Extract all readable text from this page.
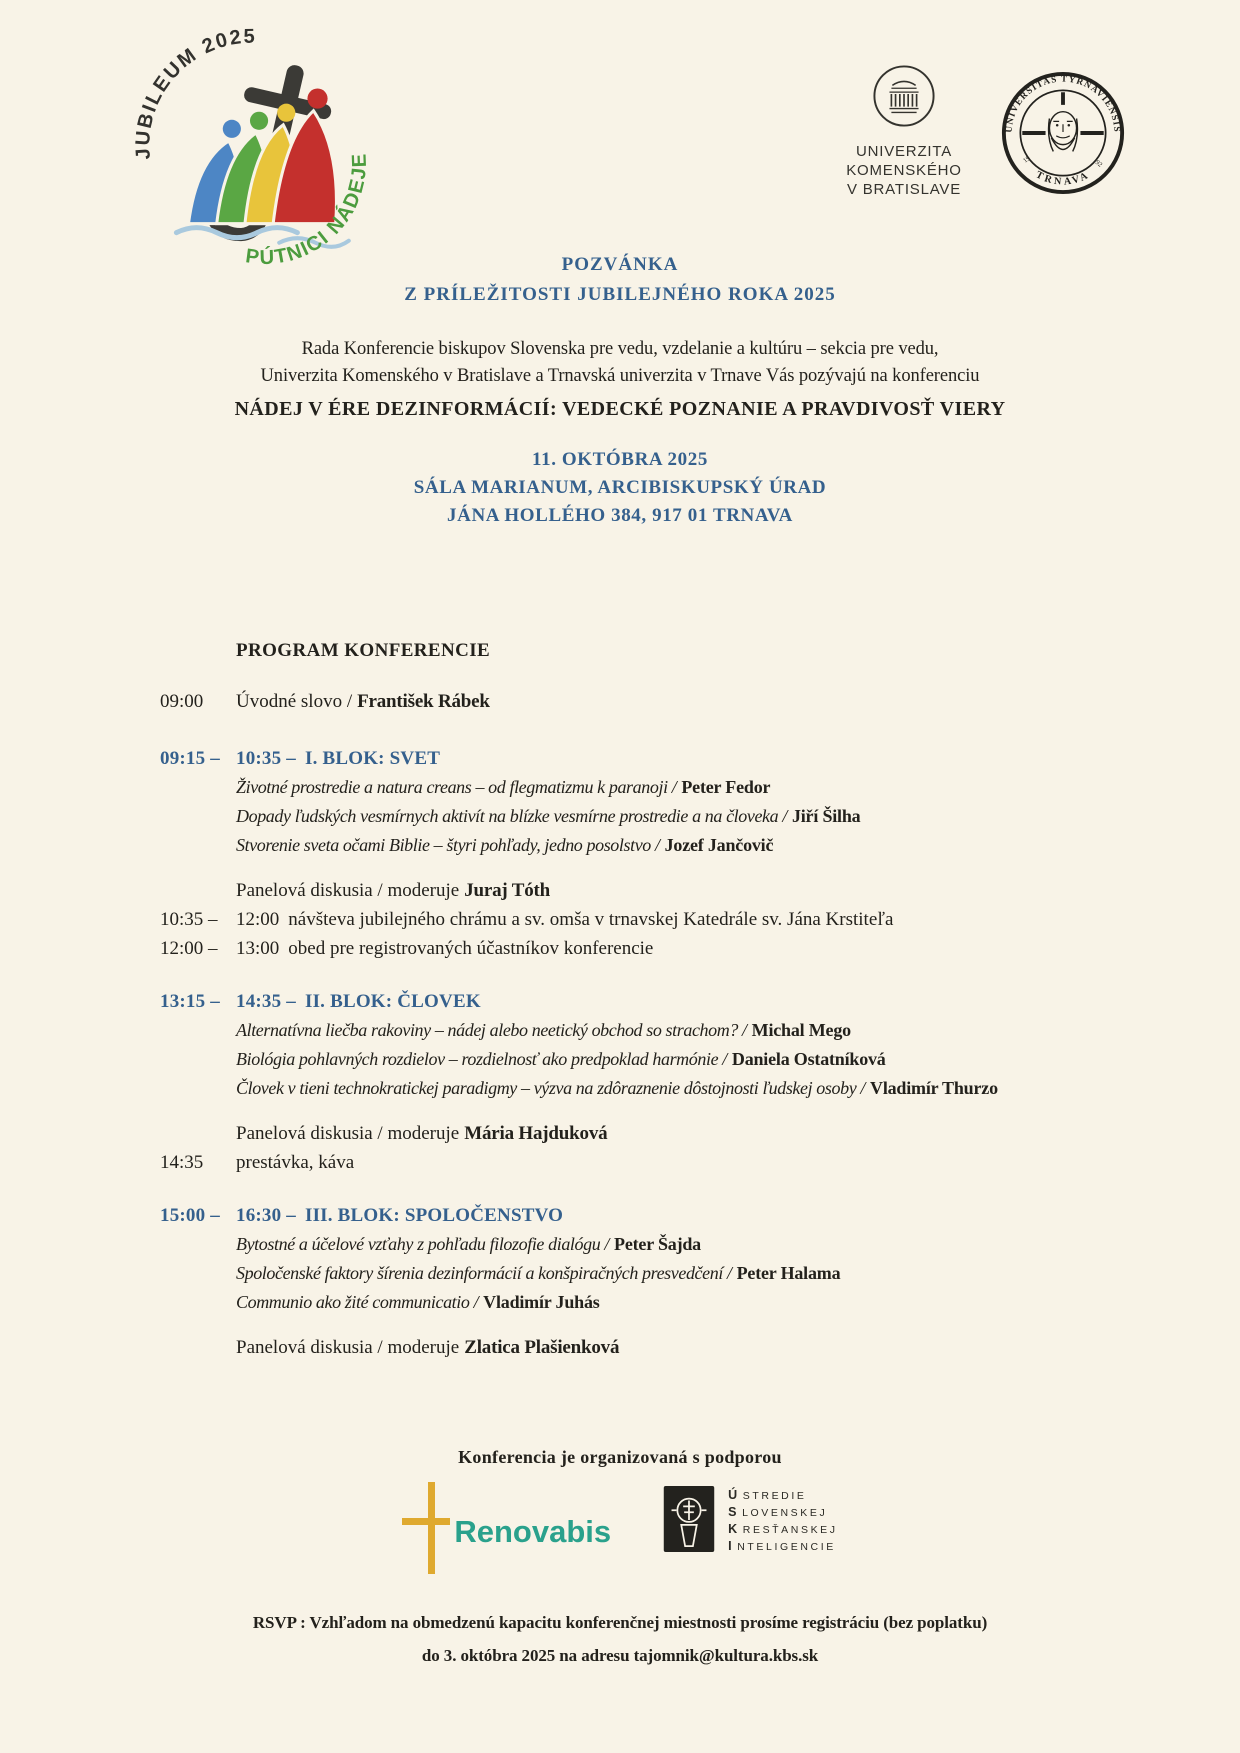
JUBILEUM 2025
PÚTNICI NÁDEJE	UNIVERZITA
KOMENSKÉHO
V BRATISLAVE
UNIVERSITAS TYRNAVIENSIS
TRNAVA
19	92
POZVÁNKA
Z PRÍLEŽITOSTI JUBILEJNÉHO ROKA 2025
Rada Konferencie biskupov Slovenska pre vedu, vzdelanie a kultúru – sekcia pre vedu,
Univerzita Komenského v Bratislave a Trnavská univerzita v Trnave Vás pozývajú na konferenciu
NÁDEJ V ÉRE DEZINFORMÁCIÍ: VEDECKÉ POZNANIE A PRAVDIVOSŤ VIERY
11. OKTÓBRA 2025
SÁLA MARIANUM, ARCIBISKUPSKÝ ÚRAD
JÁNA HOLLÉHO 384, 917 01 TRNAVA
PROGRAM KONFERENCIE
09:00	Úvodné slovo / František Rábek
09:15 – 10:35 – I. BLOK: SVET
Životné prostredie a natura creans – od flegmatizmu k paranoji / Peter Fedor
Dopady ľudských vesmírnych aktivít na blízke vesmírne prostredie a na človeka / Jiří Šilha
Stvorenie sveta očami Biblie – štyri pohľady, jedno posolstvo / Jozef Jančovič
Panelová diskusia / moderuje Juraj Tóth
10:35 – 12:00 návšteva jubilejného chrámu a sv. omša v trnavskej Katedrále sv. Jána Krstiteľa
12:00 – 13:00 obed pre registrovaných účastníkov konferencie
13:15 – 14:35 – II. BLOK: ČLOVEK
Alternatívna liečba rakoviny – nádej alebo neetický obchod so strachom? / Michal Mego
Biológia pohlavných rozdielov – rozdielnosť ako predpoklad harmónie / Daniela Ostatníková
Človek v tieni technokratickej paradigmy – výzva na zdôraznenie dôstojnosti ľudskej osoby / Vladimír Thurzo
Panelová diskusia / moderuje Mária Hajduková
14:35	prestávka, káva
15:00 – 16:30 – III. BLOK: SPOLOČENSTVO
Bytostné a účelové vzťahy z pohľadu filozofie dialógu / Peter Šajda
Spoločenské faktory šírenia dezinformácií a konšpiračných presvedčení / Peter Halama
Communio ako žité communicatio / Vladimír Juhás
Panelová diskusia / moderuje Zlatica Plašienková
Konferencia je organizovaná s podporou
Renovabis
Ú STREDIE
S LOVENSKEJ
K RESŤANSKEJ
I NTELIGENCIE
RSVP : Vzhľadom na obmedzenú kapacitu konferenčnej miestnosti prosíme registráciu (bez poplatku)
do 3. októbra 2025 na adresu tajomnik@kultura.kbs.sk
